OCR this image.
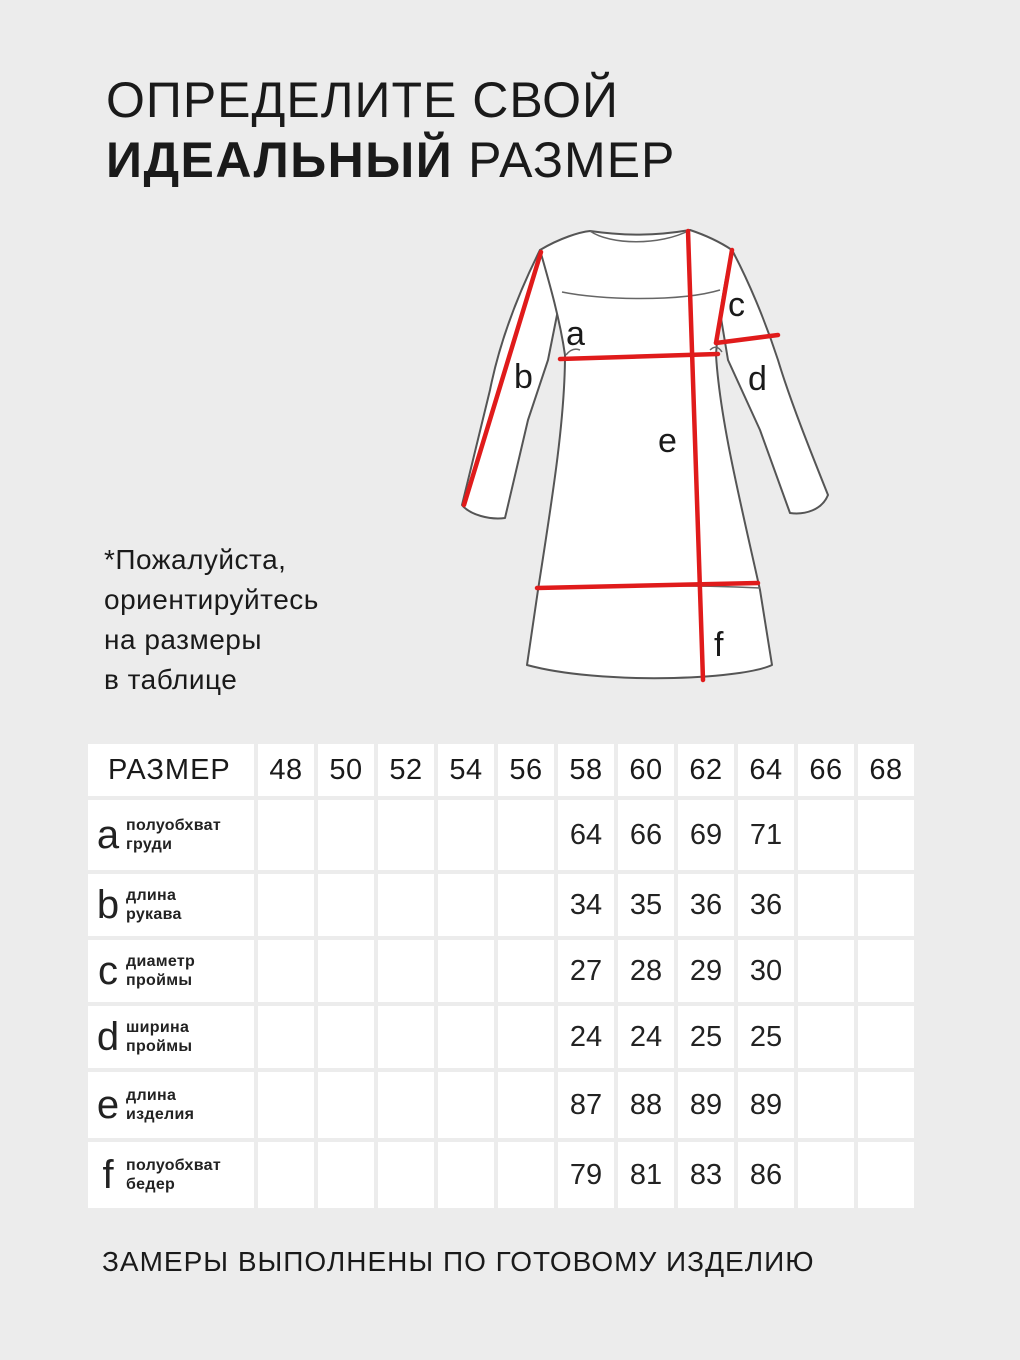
ОПРЕДЕЛИТЕ СВОЙ
ИДЕАЛЬНЫЙ РАЗМЕР
*Пожалуйста,
ориентируйтесь
на размеры
в таблице
a
b
c
d
e
f
РАЗМЕР	48	50	52	54	56	58	60	62	64	66	68

a полуобхват
груди						64	66	69	71		

b длина
рукава						34	35	36	36		

c диаметр
проймы						27	28	29	30		

d ширина
проймы						24	24	25	25		

e длина
изделия						87	88	89	89		

f полуобхват
бедер						79	81	83	86		
ЗАМЕРЫ ВЫПОЛНЕНЫ ПО ГОТОВОМУ ИЗДЕЛИЮ
